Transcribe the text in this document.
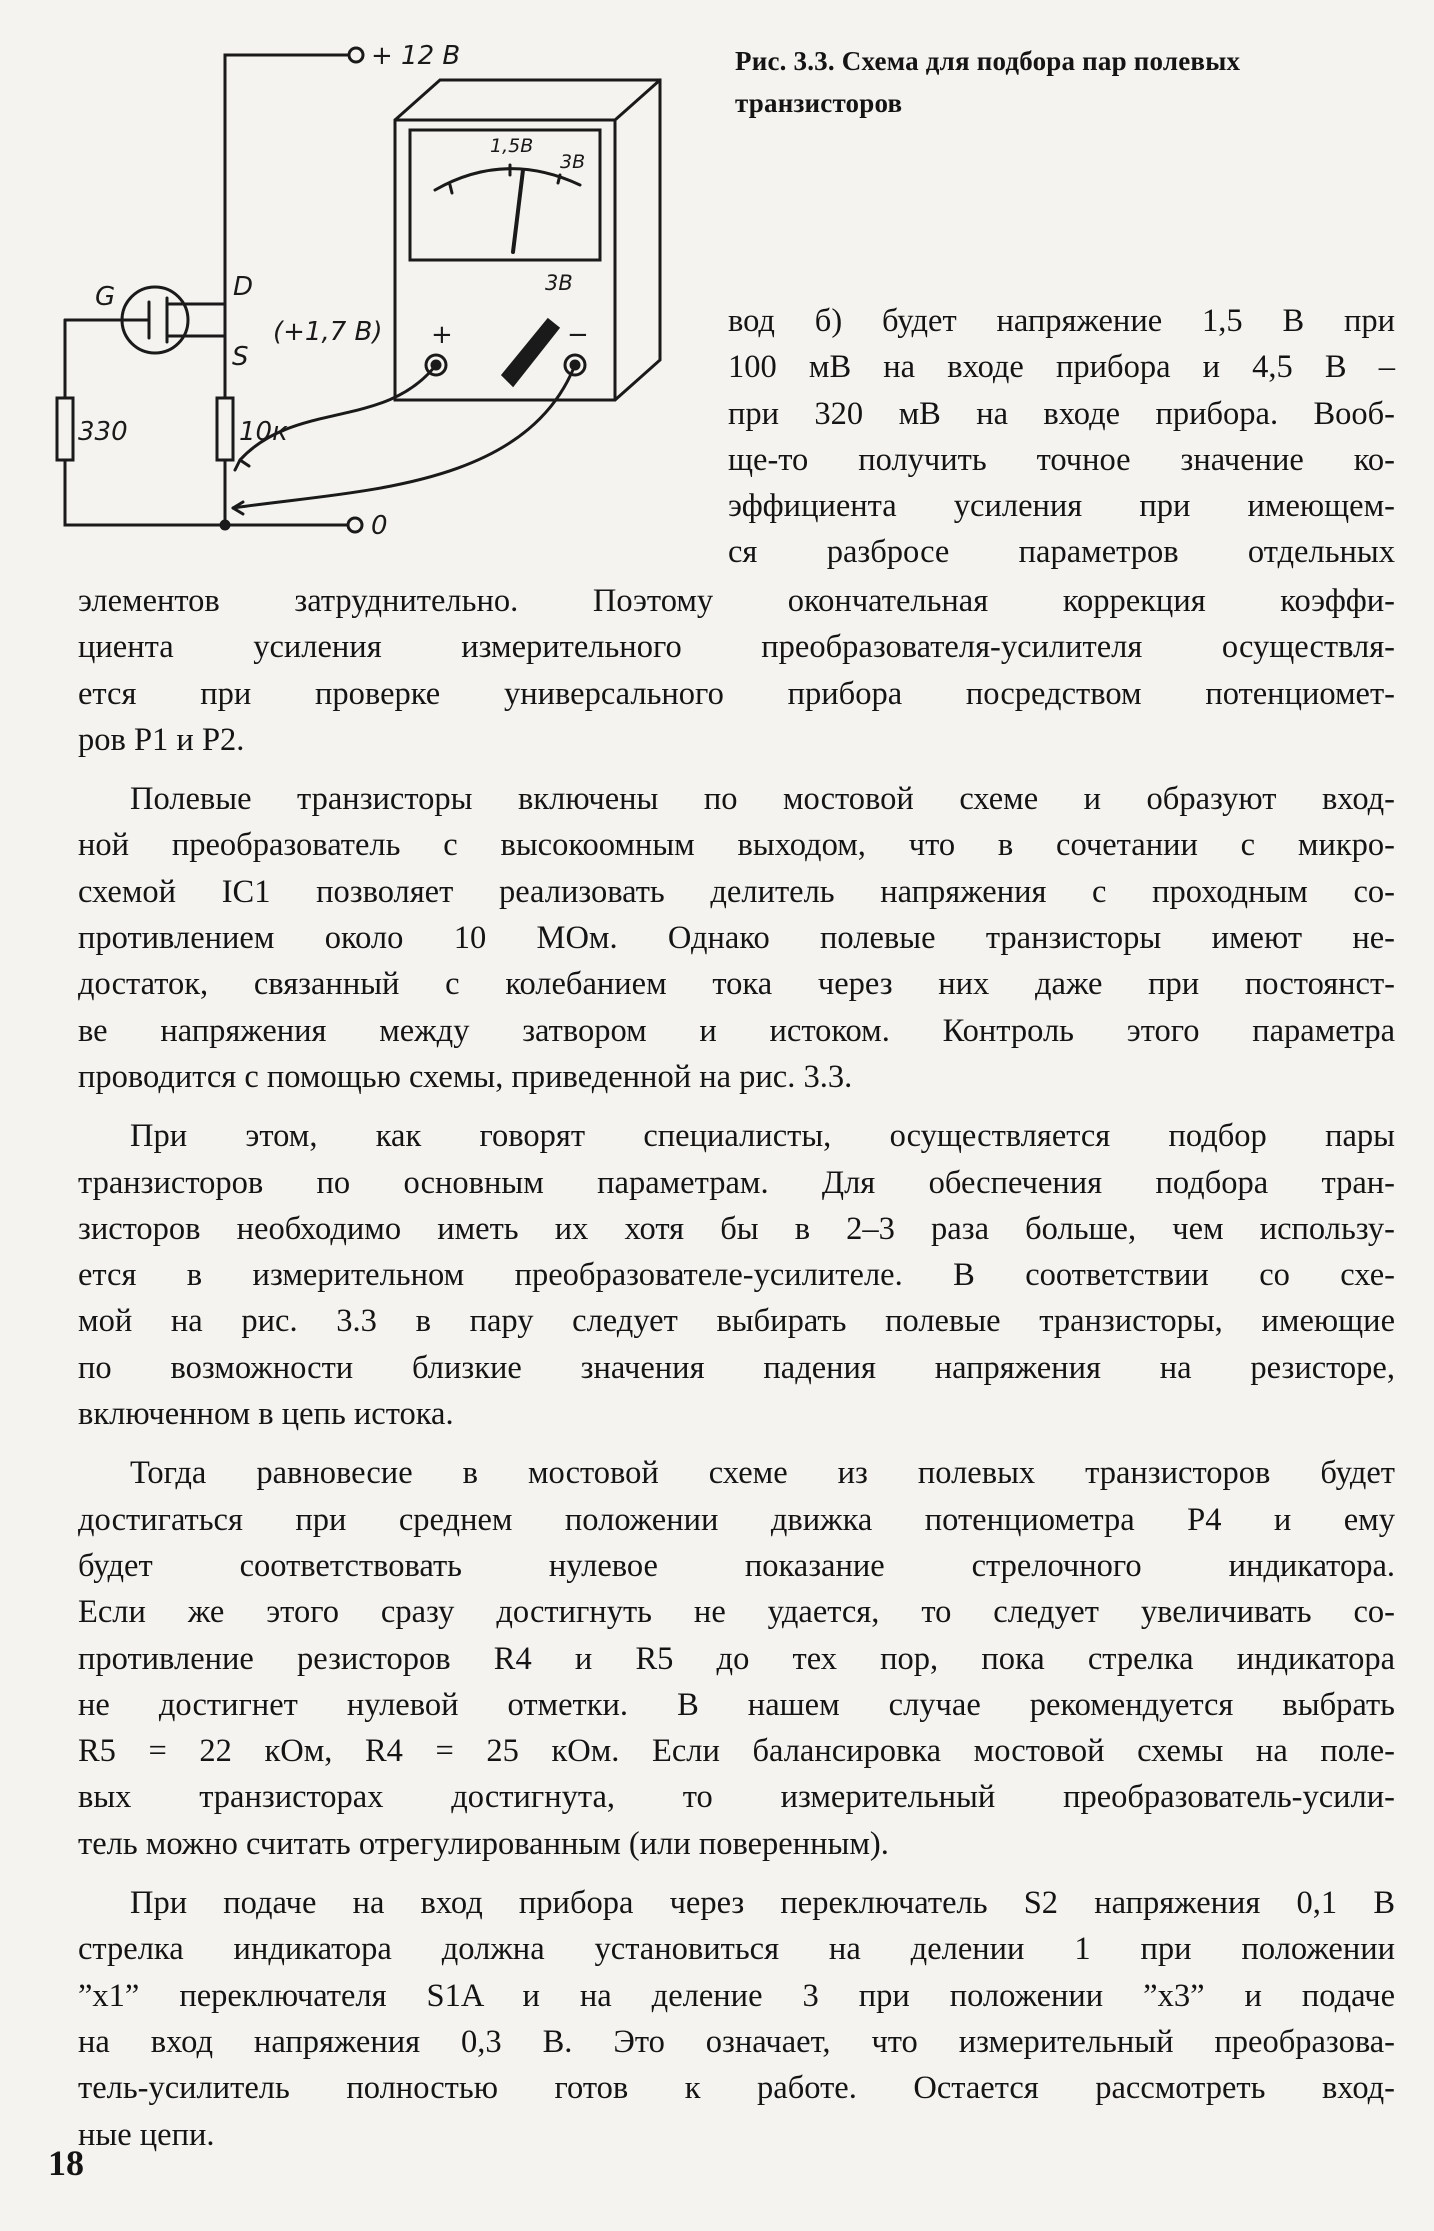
+ 12 В
0
G	D
S
(+1,7 В)
330	10к
1,5В
3В
3В
+	−
Рис. 3.3. Схема для подбора пар полевых транзисторов
вод б) будет напряжение 1,5 В при
100 мВ на входе прибора и 4,5 В –
при 320 мВ на входе прибора. Вооб-
ще-то получить точное значение ко-
эффициента усиления при имеющем-
ся разбросе параметров отдельных
элементов затруднительно. Поэтому окончательная коррекция коэффи-
циента усиления измерительного преобразователя-усилителя осуществля-
ется при проверке универсального прибора посредством потенциомет-
ров P1 и P2.
Полевые транзисторы включены по мостовой схеме и образуют вход-
ной преобразователь с высокоомным выходом, что в сочетании с микро-
схемой IC1 позволяет реализовать делитель напряжения с проходным со-
противлением около 10 МОм. Однако полевые транзисторы имеют не-
достаток, связанный с колебанием тока через них даже при постоянст-
ве напряжения между затвором и истоком. Контроль этого параметра
проводится с помощью схемы, приведенной на рис. 3.3.
При этом, как говорят специалисты, осуществляется подбор пары
транзисторов по основным параметрам. Для обеспечения подбора тран-
зисторов необходимо иметь их хотя бы в 2–3 раза больше, чем использу-
ется в измерительном преобразователе-усилителе. В соответствии со схе-
мой на рис. 3.3 в пару следует выбирать полевые транзисторы, имеющие
по возможности близкие значения падения напряжения на резисторе,
включенном в цепь истока.
Тогда равновесие в мостовой схеме из полевых транзисторов будет
достигаться при среднем положении движка потенциометра P4 и ему
будет соответствовать нулевое показание стрелочного индикатора.
Если же этого сразу достигнуть не удается, то следует увеличивать со-
противление резисторов R4 и R5 до тех пор, пока стрелка индикатора
не достигнет нулевой отметки. В нашем случае рекомендуется выбрать
R5 = 22 кОм, R4 = 25 кОм. Если балансировка мостовой схемы на поле-
вых транзисторах достигнута, то измерительный преобразователь-усили-
тель можно считать отрегулированным (или поверенным).
При подаче на вход прибора через переключатель S2 напряжения 0,1 В
стрелка индикатора должна установиться на делении 1 при положении
”x1” переключателя S1A и на деление 3 при положении ”x3” и подаче
на вход напряжения 0,3 В. Это означает, что измерительный преобразова-
тель-усилитель полностью готов к работе. Остается рассмотреть вход-
ные цепи.
18
